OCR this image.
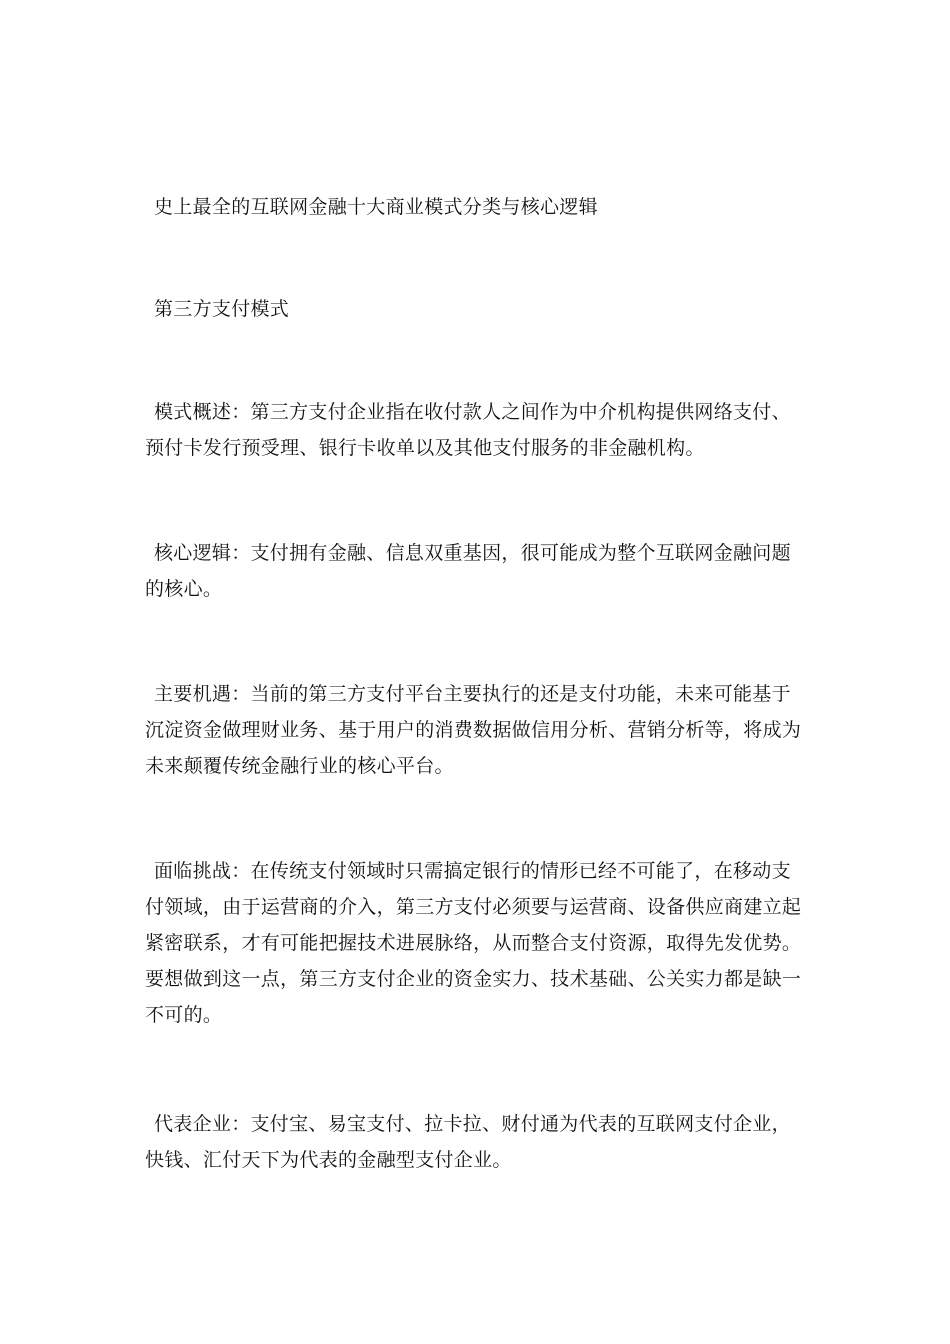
史上最全的互联网金融十大商业模式分类与核心逻辑

第三方支付模式

模式概述：第三方支付企业指在收付款人之间作为中介机构提供网络支付、预付卡发行预受理、银行卡收单以及其他支付服务的非金融机构。

核心逻辑：支付拥有金融、信息双重基因，很可能成为整个互联网金融问题的核心。

主要机遇：当前的第三方支付平台主要执行的还是支付功能，未来可能基于沉淀资金做理财业务、基于用户的消费数据做信用分析、营销分析等，将成为未来颠覆传统金融行业的核心平台。

面临挑战：在传统支付领域时只需搞定银行的情形已经不可能了，在移动支付领域，由于运营商的介入，第三方支付必须要与运营商、设备供应商建立起紧密联系，才有可能把握技术进展脉络，从而整合支付资源，取得先发优势。要想做到这一点，第三方支付企业的资金实力、技术基础、公关实力都是缺一不可的。

代表企业：支付宝、易宝支付、拉卡拉、财付通为代表的互联网支付企业，快钱、汇付天下为代表的金融型支付企业。
